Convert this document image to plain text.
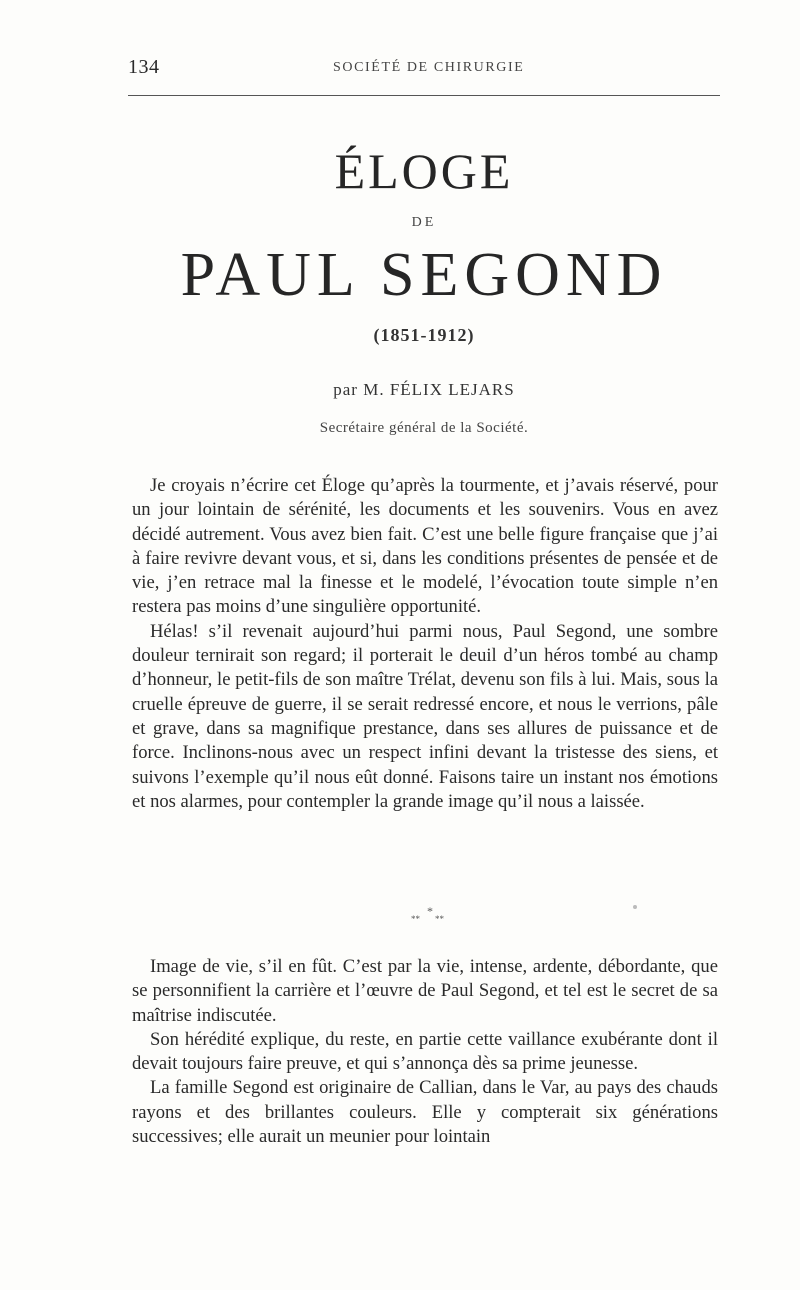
134	SOCIÉTÉ DE CHIRURGIE
ÉLOGE
DE
PAUL SEGOND
(1851-1912)
par M. FÉLIX LEJARS
Secrétaire général de la Société.

Je croyais n’écrire cet Éloge qu’après la tourmente, et j’avais réservé, pour un jour lointain de sérénité, les documents et les souvenirs. Vous en avez décidé autrement. Vous avez bien fait. C’est une belle figure française que j’ai à faire revivre devant vous, et si, dans les conditions présentes de pensée et de vie, j’en retrace mal la finesse et le modelé, l’évocation toute simple n’en restera pas moins d’une singulière opportunité.

Hélas! s’il revenait aujourd’hui parmi nous, Paul Segond, une sombre douleur ternirait son regard; il porterait le deuil d’un héros tombé au champ d’honneur, le petit-fils de son maître Trélat, devenu son fils à lui. Mais, sous la cruelle épreuve de guerre, il se serait redressé encore, et nous le verrions, pâle et grave, dans sa magnifique prestance, dans ses allures de puissance et de force. Inclinons-nous avec un respect infini devant la tristesse des siens, et suivons l’exemple qu’il nous eût donné. Faisons taire un instant nos émotions et nos alarmes, pour contempler la grande image qu’il nous a laissée.

*
** **

Image de vie, s’il en fût. C’est par la vie, intense, ardente, débordante, que se personnifient la carrière et l’œuvre de Paul Segond, et tel est le secret de sa maîtrise indiscutée.

Son hérédité explique, du reste, en partie cette vaillance exubérante dont il devait toujours faire preuve, et qui s’annonça dès sa prime jeunesse.

La famille Segond est originaire de Callian, dans le Var, au pays des chauds rayons et des brillantes couleurs. Elle y compterait six générations successives; elle aurait un meunier pour lointain
